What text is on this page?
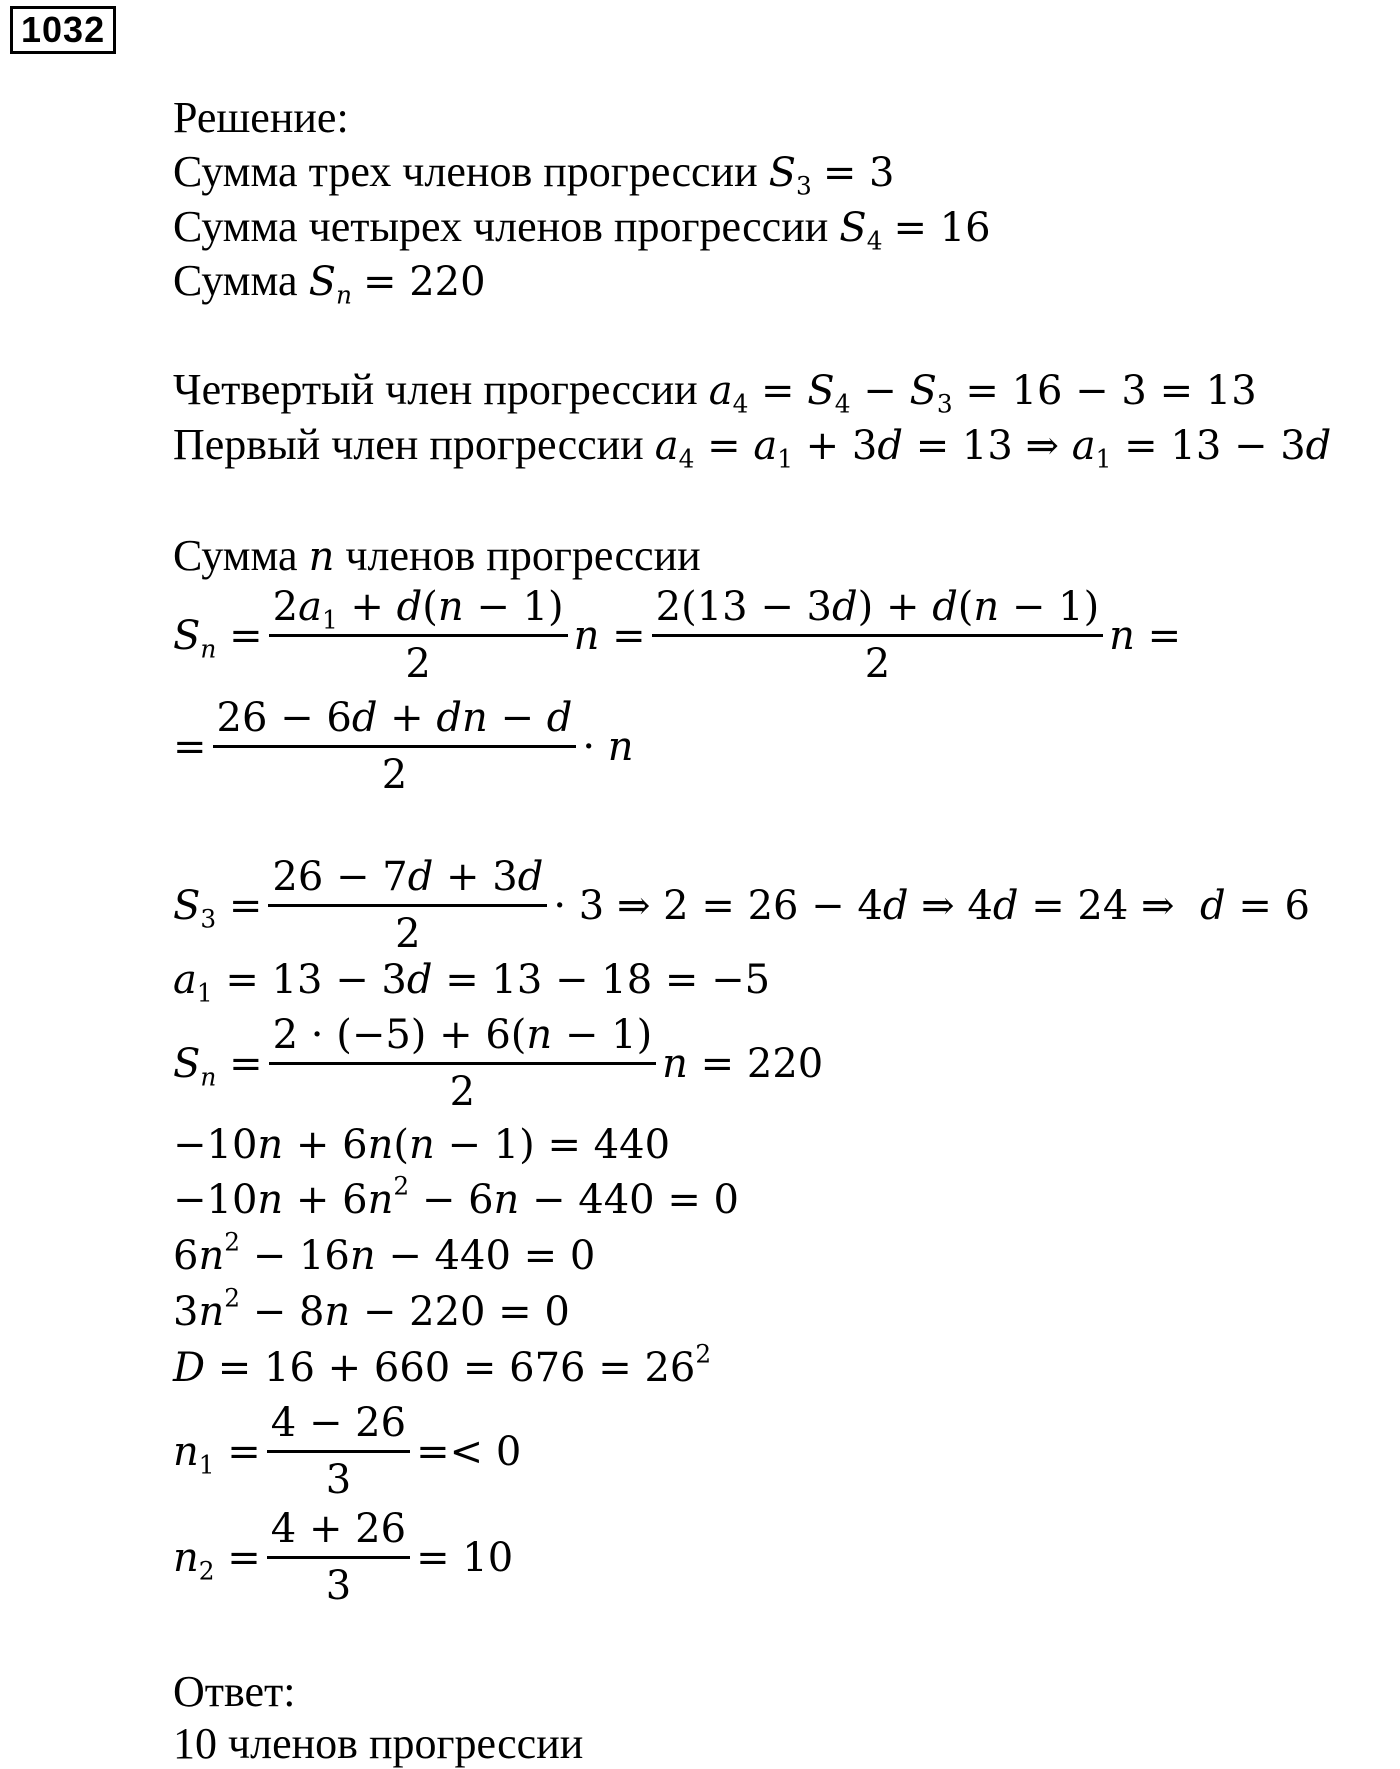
1032
Решение:
Сумма трех членов прогрессии $S_3 = 3$
Сумма четырех членов прогрессии $S_4 = 16$
Сумма $S_n = 220$
Четвертый член прогрессии $a_4 = S_4 - S_3 = 16 - 3 = 13$
Первый член прогрессии $a_4 = a_1 + 3d = 13$ ⇒ $a_1 = 13 - 3d$
Сумма n членов прогрессии
$S_n = \frac{2a_1 + d(n - 1)}{2}$ $n = \frac{2(13 - 3d) + d(n - 1)}{2}$ n =
= $\frac{26 - 6d + dn - d}{2} \cdot n$
$S_3 = \frac{26 - 7d + 3d}{2} \cdot 3$ ⇒ 2 = 26 − 4d ⇒ 4d = 24 ⇒  d = 6
$a_1 = 13 - 3d = 13 - 18 = -5$
$S_n = \frac{2 \cdot (-5) + 6(n - 1)}{2}$ n = 220
−10n + 6n(n − 1) = 440
$-10n + 6n^2 - 6n - 440 = 0$
$6n^2 - 16n - 440 = 0$
$3n^2 - 8n - 220 = 0$
$D = 16 + 660 = 676 = 26^2$
$n_1 = \frac{4 - 26}{3} =< 0$
$n_2 = \frac{4 + 26}{3} = 10$
Ответ:
10 членов прогрессии
